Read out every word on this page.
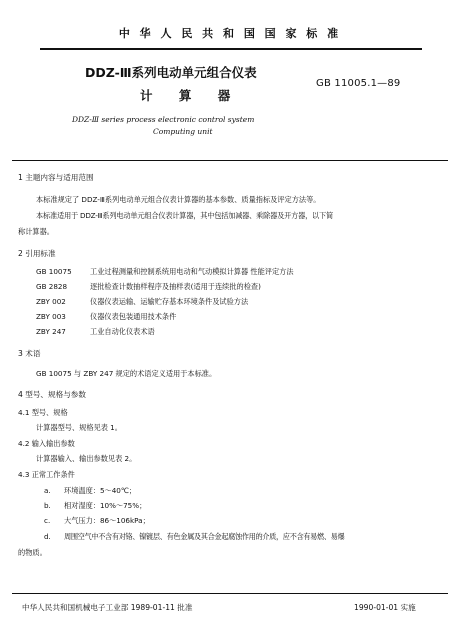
中 华 人 民 共 和 国 国 家 标 准
DDZ-Ⅲ系列电动单元组合仪表
计 算 器
GB 11005.1—89
DDZ-Ⅲ series process electronic control system
Computing unit
1 主题内容与适用范围
本标准规定了 DDZ-Ⅲ系列电动单元组合仪表计算器的基本参数、质量指标及评定方法等。
本标准适用于 DDZ-Ⅲ系列电动单元组合仪表计算器，其中包括加减器、乘除器及开方器，以下简
称计算器。
2 引用标准
GB 10075	工业过程测量和控制系统用电动和气动模拟计算器 性能评定方法
GB 2828	逐批检查计数抽样程序及抽样表(适用于连续批的检查)
ZBY 002	仪器仪表运输、运输贮存基本环境条件及试验方法
ZBY 003	仪器仪表包装通用技术条件
ZBY 247	工业自动化仪表术语
3 术语
GB 10075 与 ZBY 247 规定的术语定义适用于本标准。
4 型号、规格与参数
4.1 型号、规格
计算器型号、规格见表 1。
4.2 输入输出参数
计算器输入、输出参数见表 2。
4.3 正常工作条件
a. 环境温度：5～40℃；
b. 相对湿度：10%～75%；
c. 大气压力：86～106kPa；
d. 周围空气中不含有对铬、镍镀层、有色金属及其合金起腐蚀作用的介质，应不含有易燃、易爆
的物质。
中华人民共和国机械电子工业部 1989-01-11 批准	1990-01-01 实施
